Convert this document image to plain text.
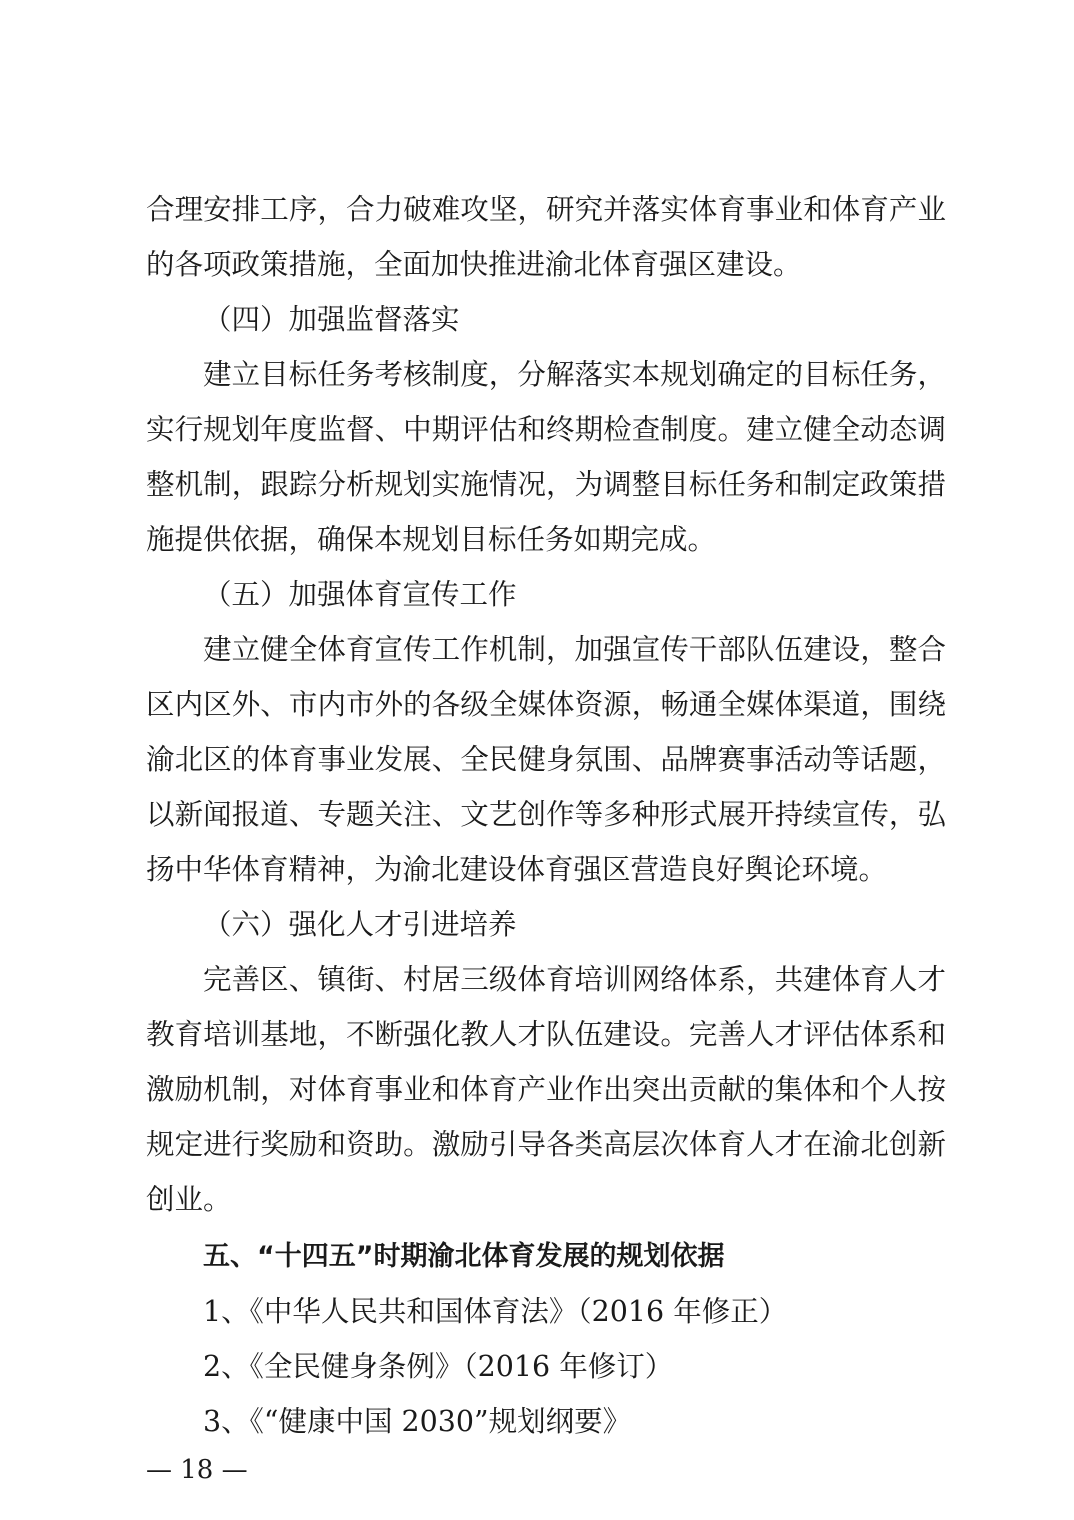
合理安排工序，合力破难攻坚，研究并落实体育事业和体育产业
的各项政策措施，全面加快推进渝北体育强区建设。
（四）加强监督落实
建立目标任务考核制度，分解落实本规划确定的目标任务，
实行规划年度监督、中期评估和终期检查制度。建立健全动态调
整机制，跟踪分析规划实施情况，为调整目标任务和制定政策措
施提供依据，确保本规划目标任务如期完成。
（五）加强体育宣传工作
建立健全体育宣传工作机制，加强宣传干部队伍建设，整合
区内区外、市内市外的各级全媒体资源，畅通全媒体渠道，围绕
渝北区的体育事业发展、全民健身氛围、品牌赛事活动等话题，
以新闻报道、专题关注、文艺创作等多种形式展开持续宣传，弘
扬中华体育精神，为渝北建设体育强区营造良好舆论环境。
（六）强化人才引进培养
完善区、镇街、村居三级体育培训网络体系，共建体育人才
教育培训基地，不断强化教人才队伍建设。完善人才评估体系和
激励机制，对体育事业和体育产业作出突出贡献的集体和个人按
规定进行奖励和资助。激励引导各类高层次体育人才在渝北创新
创业。
五、“十四五”时期渝北体育发展的规划依据
1、《中华人民共和国体育法》（2016 年修正）
2、《全民健身条例》（2016 年修订）
3、《“健康中国 2030”规划纲要》
— 18 —
